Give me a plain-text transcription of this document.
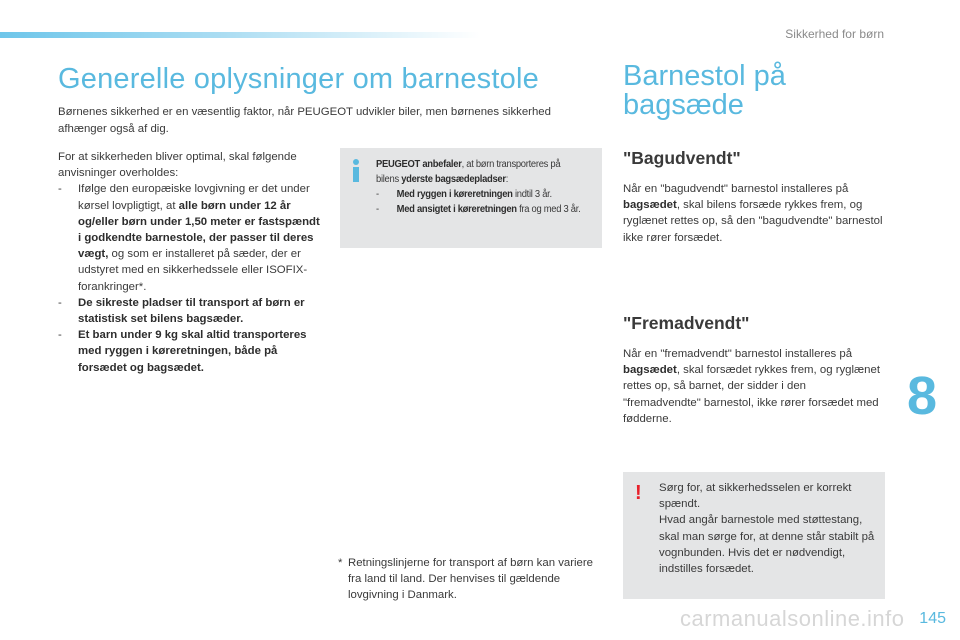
Sikkerhed for børn
Generelle oplysninger om barnestole

Børnenes sikkerhed er en væsentlig faktor, når PEUGEOT udvikler biler, men børnenes sikkerhed afhænger også af dig.

For at sikkerheden bliver optimal, skal følgende anvisninger overholdes:

- Ifølge den europæiske lovgivning er det under kørsel lovpligtigt, at alle børn under 12 år og/eller børn under 1,50 meter er fastspændt i godkendte barnestole, der passer til deres vægt, og som er installeret på sæder, der er udstyret med en sikkerhedssele eller ISOFIX-forankringer*.

- De sikreste pladser til transport af børn er statistisk set bilens bagsæder.

- Et barn under 9 kg skal altid transporteres med ryggen i køreretningen, både på forsædet og bagsædet.

PEUGEOT anbefaler, at børn transporteres på bilens yderste bagsædepladser:

- Med ryggen i køreretningen indtil 3 år.

- Med ansigtet i køreretningen fra og med 3 år.

* Retningslinjerne for transport af børn kan variere fra land til land. Der henvises til gældende lovgivning i Danmark.

Barnestol på
bagsæde
"Bagudvendt"

Når en "bagudvendt" barnestol installeres på bagsædet, skal bilens forsæde rykkes frem, og ryglænet rettes op, så den "bagudvendte" barnestol ikke rører forsædet.

"Fremadvendt"

Når en "fremadvendt" barnestol installeres på bagsædet, skal forsædet rykkes frem, og ryglænet rettes op, så barnet, der sidder i den "fremadvendte" barnestol, ikke rører forsædet med fødderne.

! Sørg for, at sikkerhedsselen er korrekt spændt.

Hvad angår barnestole med støttestang, skal man sørge for, at denne står stabilt på vognbunden. Hvis det er nødvendigt, indstilles forsædet.

8
carmanualsonline.info 145
